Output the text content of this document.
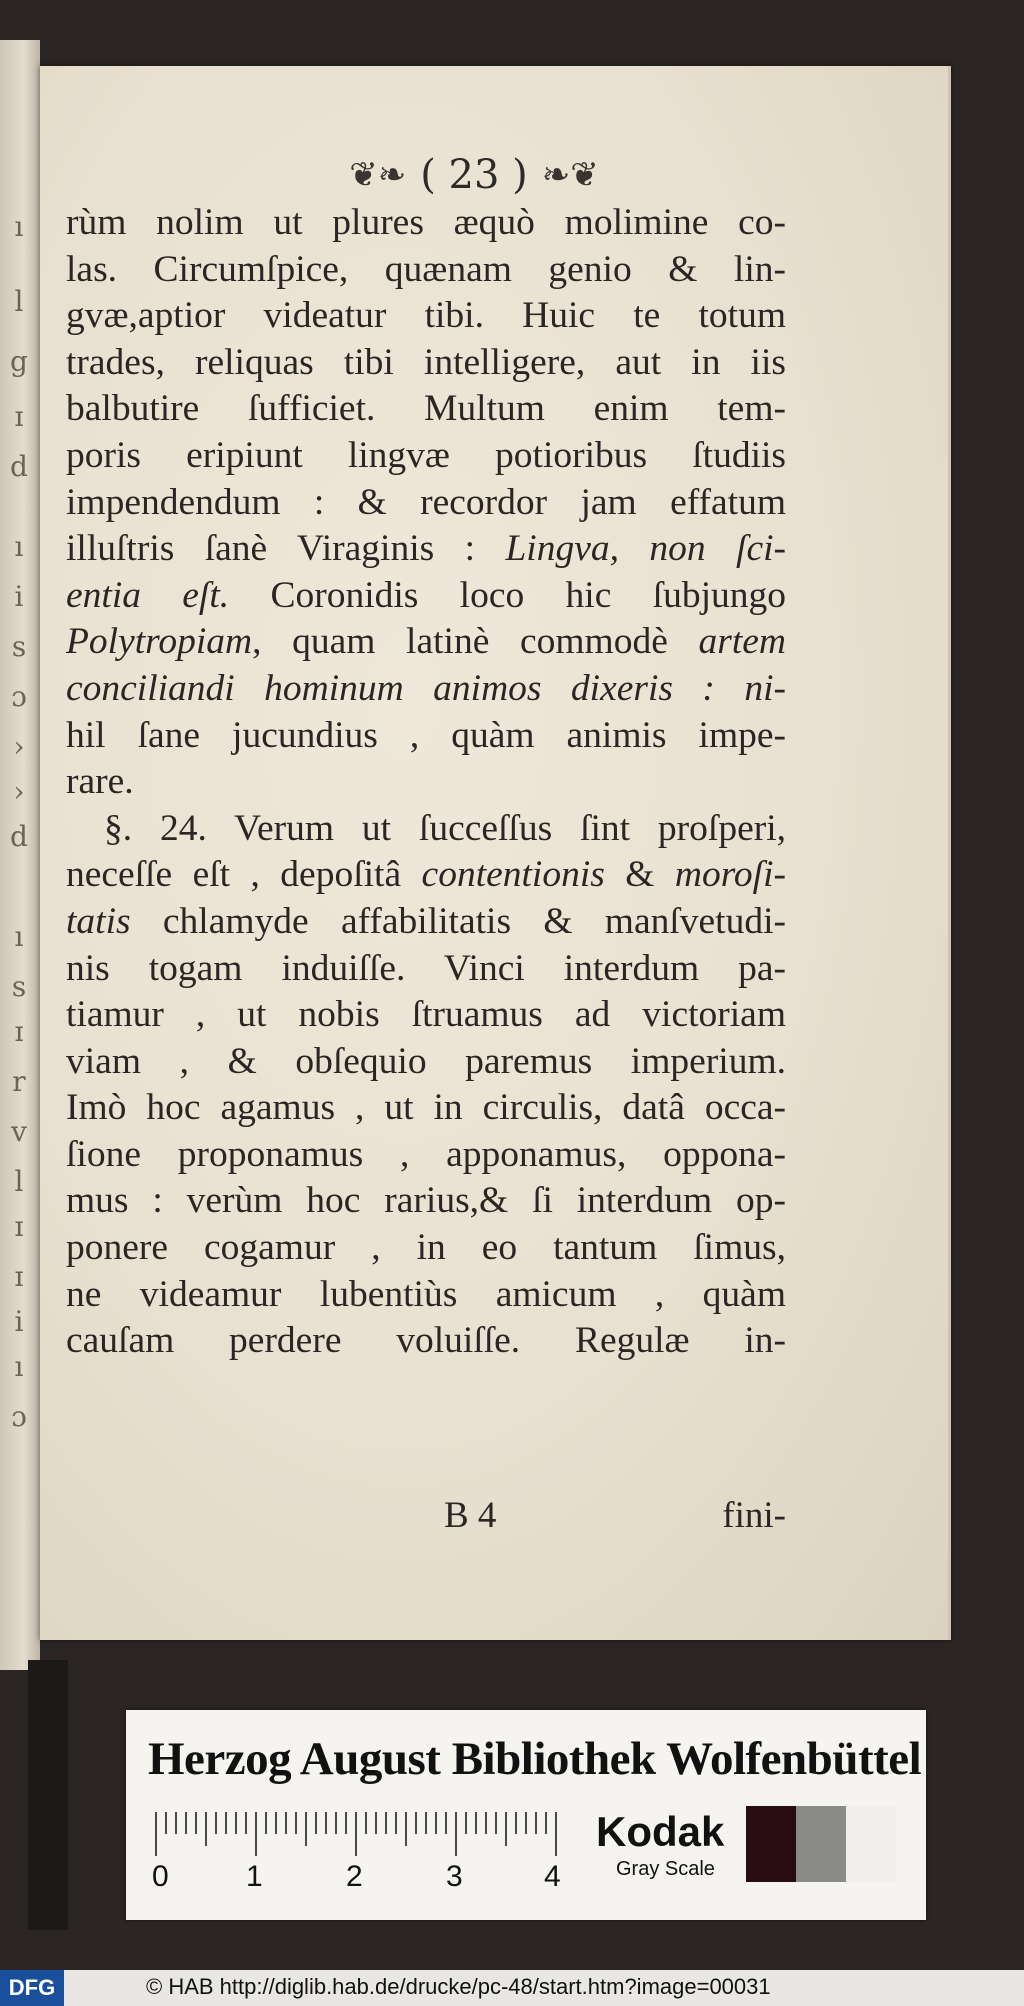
ı
l
g
ɪ
d
ı
i
s
ɔ
›
›
d
ı
s
ɪ
r
v
l
ɪ
ɪ
i
ı
ɔ
❦❧ ( 23 ) ❧❦
rùm nolim ut plures æquò molimine co-
las. Circumſpice, quænam genio & lin-
gvæ,aptior videatur tibi. Huic te totum
trades, reliquas tibi intelligere, aut in iis
balbutire ſufficiet. Multum enim tem-
poris eripiunt lingvæ potioribus ſtudiis
impendendum : & recordor jam effatum
illuſtris ſanè Viraginis : Lingva, non ſci-
entia eſt. Coronidis loco hic ſubjungo
Polytropiam, quam latinè commodè artem
conciliandi hominum animos dixeris : ni-
hil ſane jucundius , quàm animis impe-
rare.
§. 24. Verum ut ſucceſſus ſint proſperi,
neceſſe eſt , depoſitâ contentionis & moroſi-
tatis chlamyde affabilitatis & manſvetudi-
nis togam induiſſe. Vinci interdum pa-
tiamur , ut nobis ſtruamus ad victoriam
viam , & obſequio paremus imperium.
Imò hoc agamus , ut in circulis, datâ occa-
ſione proponamus , apponamus, opponа-
mus : verùm hoc rarius,& ſi interdum op-
ponere cogamur , in eo tantum ſimus,
ne videamur lubentiùs amicum , quàm
cauſam perdere voluiſſe. Regulæ in-
B 4	fini-
Herzog August Bibliothek Wolfenbüttel
0	1	2	3	4
Kodak
Gray Scale
DFG	© HAB http://diglib.hab.de/drucke/pc-48/start.htm?image=00031
